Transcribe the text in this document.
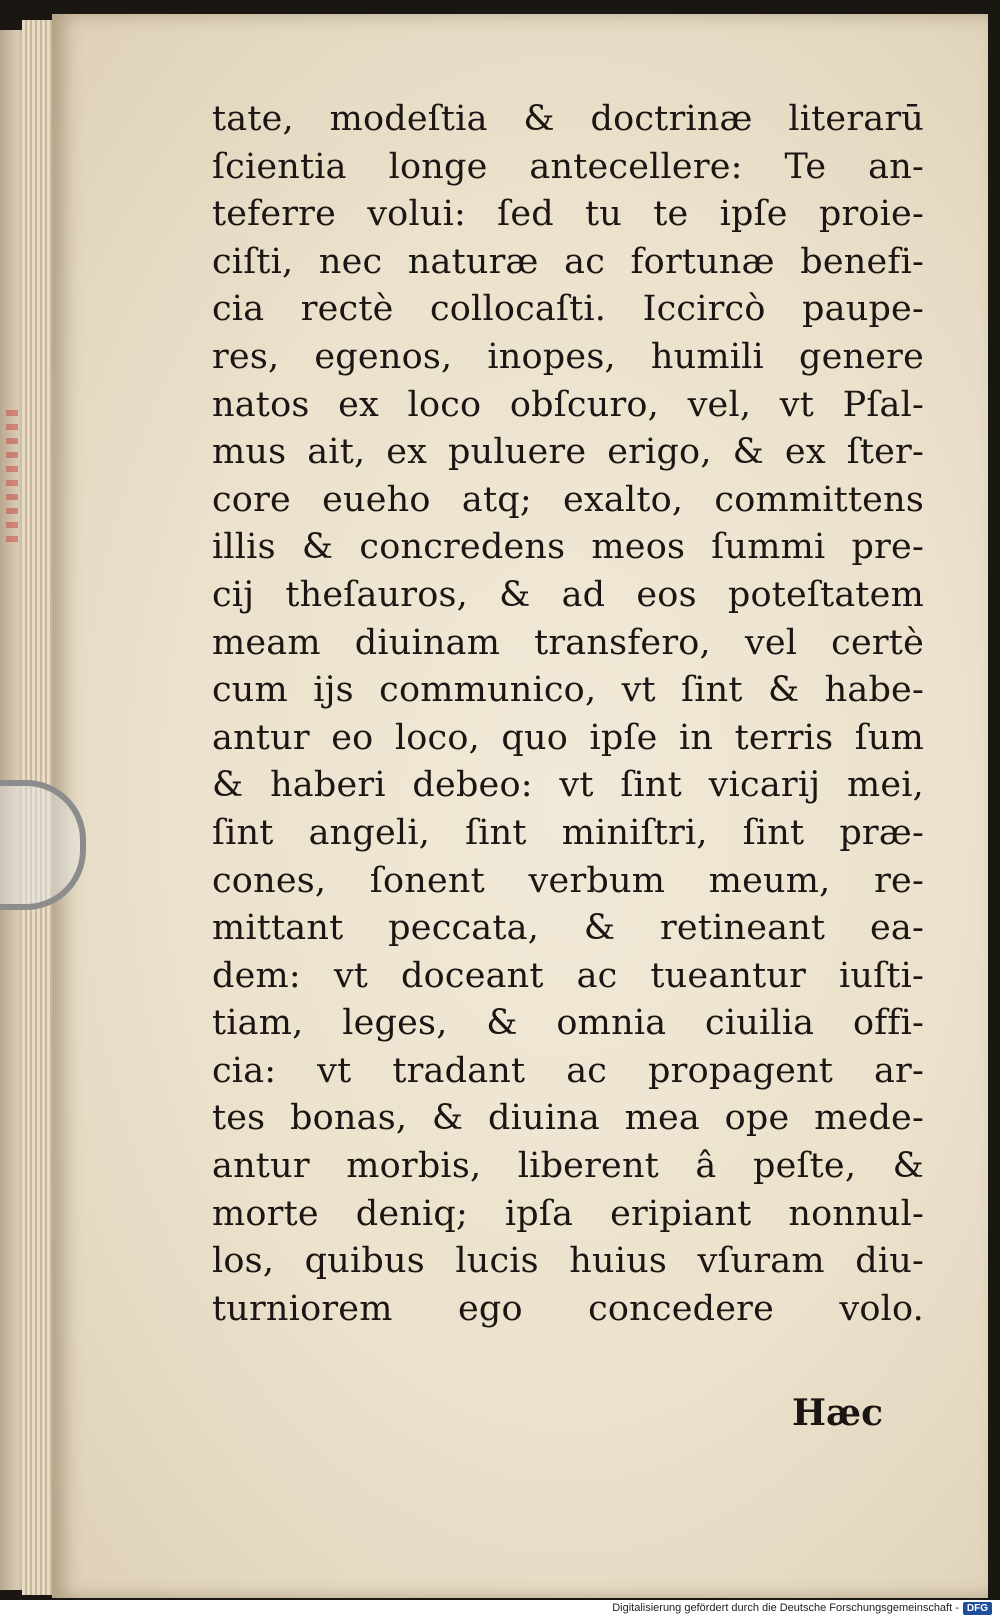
tate, modeſtia & doctrinæ literarū
ſcientia longe antecellere: Te an-
teferre volui: ſed tu te ipſe proie-
ciſti, nec naturæ ac fortunæ benefi-
cia rectè collocaſti. Iccircò paupe-
res, egenos, inopes, humili genere
natos ex loco obſcuro, vel, vt Pſal-
mus ait, ex puluere erigo, & ex ſter-
core euehо atq; exalto, committens
illis & concredens meos ſummi pre-
cij theſauros, & ad eos poteſtatem
meam diuinam transfero, vel certè
cum ijs communico, vt ſint & habe-
antur eo loco, quo ipſe in terris ſum
& haberi debeo: vt ſint vicarij mei,
ſint angeli, ſint miniſtri, ſint præ-
cones, ſonent verbum meum, re-
mittant peccata, & retineant ea-
dem: vt doceant ac tueantur iuſti-
tiam, leges, & omnia ciuilia offi-
cia: vt tradant ac propagent ar-
tes bonas, & diuina mea ope mede-
antur morbis, liberent â peſte, &
morte deniq; ipſa eripiant nonnul-
los, quibus lucis huius vſuram diu-
turniorem ego concedere volo.
Hæc
Digitalisierung gefördert durch die Deutsche Forschungsgemeinschaft - DFG
